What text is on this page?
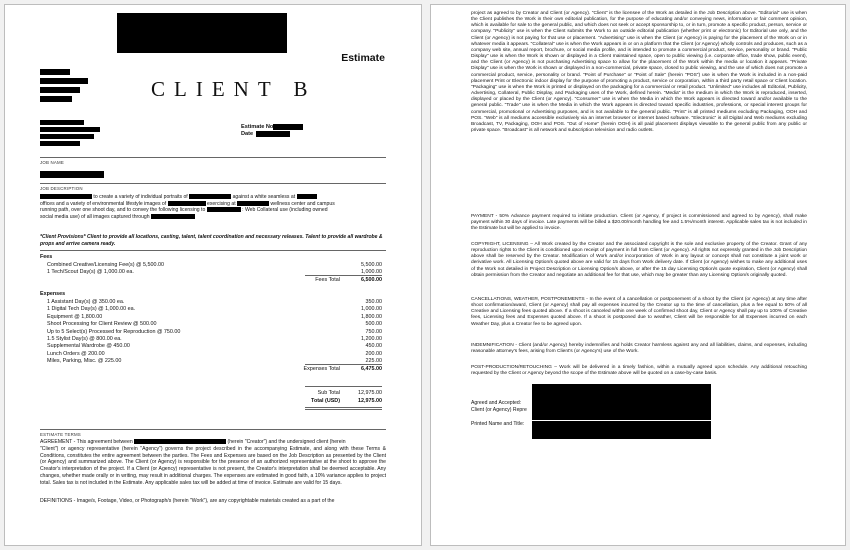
Estimate
CLIENT B
Estimate No
Date
JOB NAME
JOB DESCRIPTION
to create a variety of individual portraits of	against a white seamless at
offices and a variety of environmental lifestyle images of	exercising at	wellness center and campus
running path, over one shoot day, and to convey the following licensing to	: Web Collateral use (including owned
social media use) of all images captured through
*Client Provisions* Client to provide all locations, casting, talent, talent coordination and necessary releases. Talent to provide all wardrobe & props and arrive camera ready.
Fees
Combined Creative/Licensing Fee(s) @ 5,500.00	5,500.00
1 Tech/Scout Day(s) @ 1,000.00 ea.	1,000.00
Fees Total	6,500.00
Expenses
1 Assistant Day(s) @ 350.00 ea.	350.00
1 Digital Tech Day(s) @ 1,000.00 ea.	1,000.00
Equipment @ 1,800.00	1,800.00
Shoot Processing for Client Review @ 500.00	500.00
Up to 5 Select(s) Processed for Reproduction @ 750.00	750.00
1.5 Stylist Day(s) @ 800.00 ea.	1,200.00
Supplemental Wardrobe @ 450.00	450.00
Lunch Orders @ 200.00	200.00
Miles, Parking, Misc. @ 225.00	225.00
Expenses Total	6,475.00
Sub Total	12,975.00
Total (USD)	12,975.00
ESTIMATE TERMS
AGREEMENT - This agreement between	(herein "Creator") and the undersigned client (herein
"Client") or agency representative (herein "Agency") governs the project described in the accompanying Estimate, and along with these Terms & Conditions, constitutes the entire agreement between the parties. The Fees and Expenses are based on the Job Description as presented by the Client (or Agency) and summarized above. The Client (or Agency) is responsible for the presence of an authorized representative at the shoot to approve the Creator's interpretation of the project. If a Client (or Agency) representative is not present, the Creator's interpretation shall be deemed acceptable. Any changes, whether made orally or in writing, may result in additional charges. The expenses are estimated in good faith, a 10% variance applies to project total. Sales tax is not included in the Estimate. Any applicable sales tax will be added at time of invoice. Estimate are valid for 15 days.
DEFINITIONS - Image/s, Footage, Video, or Photograph/s (herein "Work"), are any copyrightable materials created as a part of the
project as agreed to by Creator and Client (or Agency). "Client" is the licensee of the Work as detailed in the Job Description above. "Editorial" use is when the Client publishes the Work in their own editorial publication, for the purpose of educating and/or conveying news, information or fair comment opinion, which is available for sale to the general public, and which does not seek or accept sponsorship to, or in turn, promote a specific product, person, service or company. "Publicity" use is when the Client submits the Work to an outside editorial publication (whether print or electronic) for Editorial use only, and the Client (or Agency) is not paying for that use or placement. "Advertising" use is when the Client (or Agency) is paying for the placement of the Work on or in whatever media it appears. "Collateral" use is when the Work appears in or on a platform that the Client (or Agency) wholly controls and produces, such as a company web site, annual report, brochure, or social media profile, and is intended to promote a commercial product, service, personality or brand. "Public Display" use is when the Work is shown or displayed in a Client maintained space, open to public viewing (i.e. corporate office, trade show, public event), and the Client (or Agency) is not purchasing Advertising space to allow for the placement of the Work within the media or location it appears. "Private Display" use is when the Work is shown or displayed in a non-commercial, private space, closed to public viewing, and the use of which does not promote a commercial product, service, personality or brand. "Point of Purchase" or "Point of Sale" (herein "POS") use is when the Work is included in a non-paid placement Print or Electronic indoor display for the purpose of promoting a product, service or corporation, within a third party retail space or Client location. "Packaging" use is when the Work is printed or displayed on the packaging for a commercial or retail product. "Unlimited" use includes all Editorial, Publicity, Advertising, Collateral, Public Display, and Packaging uses of the Work, defined herein. "Media" is the medium in which the Work is reproduced, inserted, displayed or placed by the Client (or Agency). "Consumer" use is when the Media in which the Work appears is directed toward and/or available to the general public. "Trade" use is when the Media in which the Work appears is directed toward specific industries, professions, or special interest groups for commercial, promotional or Advertising purposes, and is not available to the general public. "Print" is all printed mediums excluding Packaging, OOH and POS. "Web" is all mediums accessible exclusively via an internet browser or internet based software. "Electronic" is all Digital and Web mediums excluding Broadcast, TV, Packaging, OOH and POS. "Out of Home" (herein OOH) is all paid placement displays viewable to the general public from any public or private space. "Broadcast" is all network and subscription television and radio outlets.
PAYMENT - 50% Advance payment required to initiate production. Client (or Agency, If project is commissioned and agreed to by Agency), shall make payment within 30 days of invoice. Late payments will be billed a $20.00/month handling fee and 1.5%/month interest. Applicable sales tax is not included in the Estimate but will be applied to invoice.
COPYRIGHT, LICENSING – All Work created by the Creator and the associated copyright is the sole and exclusive property of the Creator. Grant of any reproduction rights to the Client is conditioned upon receipt of payment in full from Client (or Agency). All rights not expressly granted in the Job Description above shall be reserved by the Creator. Modification of Work and/or incorporation of Work in any layout or concept shall not constitute a joint work or derivative work. All Licensing Option/s quoted above are valid for 15 days from Work delivery date. If Client (or Agency) wishes to make any additional uses of the Work not detailed in Project Description or Licensing Option/s above, or after the 15 day Licensing Option/s quote expiration, Client (or Agency) shall obtain permission from the Creator and negotiate an additional fee for that use, which may be greater than any Licensing Option/s originally quoted.
CANCELLATIONS, WEATHER, POSTPONEMENTS - In the event of a cancellation or postponement of a shoot by the Client (or Agency) at any time after shoot confirmation/award, Client (or Agency) shall pay all expenses incurred by the Creator up to the time of cancellation, plus a fee equal to 50% of all Creative and Licensing fees quoted above. If a shoot is canceled within one week of confirmed shoot day, Client or Agency shall pay up to 100% of Creative fees, Licensing fees and Expenses quoted above. If a shoot is postponed due to weather, Client will be responsible for all Expenses incurred on each Weather Day, plus a Creator fee to be agreed upon.
INDEMNIFICATION - Client (and/or Agency) hereby indemnifies and holds Creator harmless against any and all liabilities, claims, and expenses, including reasonable attorney's fees, arising from Client's (or Agency's) use of the Work.
POST-PRODUCTION/RETOUCHING – Work will be delivered in a timely fashion, within a mutually agreed upon schedule. Any additional retouching requested by the Client or Agency beyond the scope of the Estimate above will be quoted on a case-by-case basis.
Agreed and Accepted:
Client (or Agency) Repre
Printed Name and Title:
